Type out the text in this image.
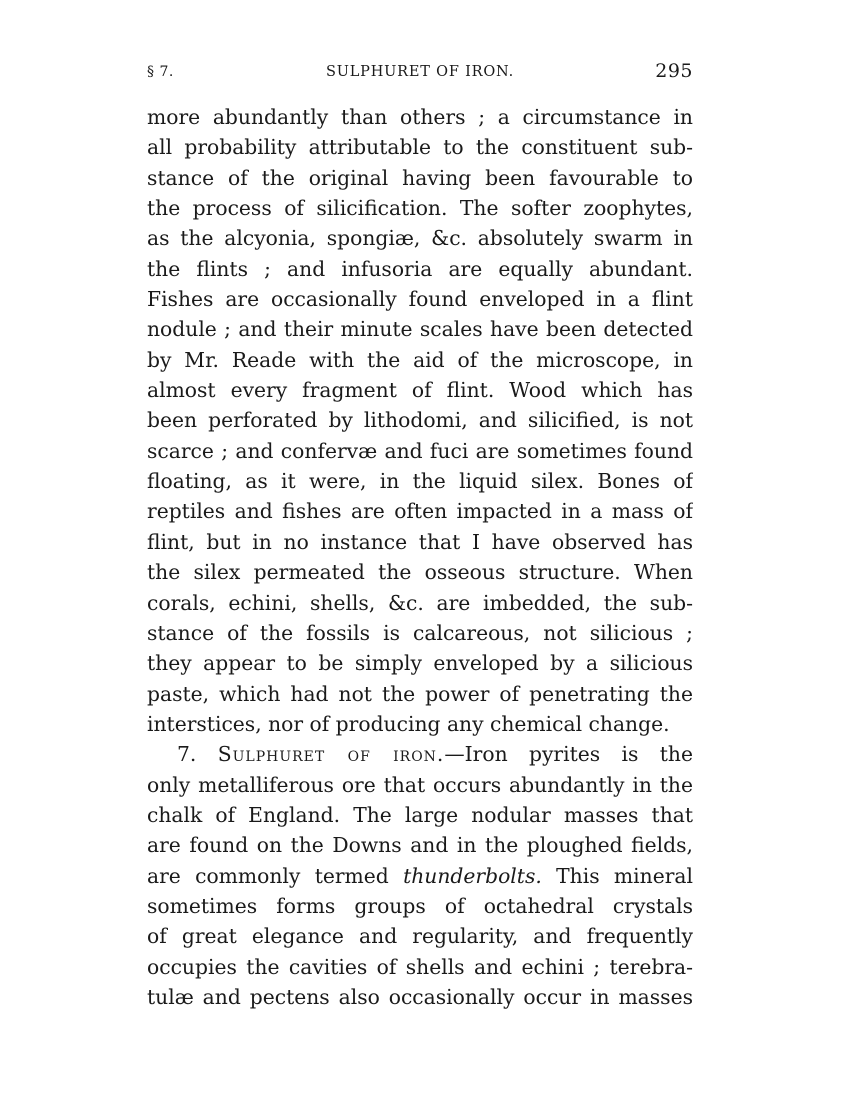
§ 7.	SULPHURET OF IRON.	295
more abundantly than others ; a circumstance in
all probability attributable to the constituent sub-
stance of the original having been favourable to
the process of silicification. The softer zoophytes,
as the alcyonia, spongiæ, &c. absolutely swarm in
the flints ; and infusoria are equally abundant.
Fishes are occasionally found enveloped in a flint
nodule ; and their minute scales have been detected
by Mr. Reade with the aid of the microscope, in
almost every fragment of flint. Wood which has
been perforated by lithodomi, and silicified, is not
scarce ; and confervæ and fuci are sometimes found
floating, as it were, in the liquid silex. Bones of
reptiles and fishes are often impacted in a mass of
flint, but in no instance that I have observed has
the silex permeated the osseous structure. When
corals, echini, shells, &c. are imbedded, the sub-
stance of the fossils is calcareous, not silicious ;
they appear to be simply enveloped by a silicious
paste, which had not the power of penetrating the
interstices, nor of producing any chemical change.
7. Sulphuret of iron.—Iron pyrites is the
only metalliferous ore that occurs abundantly in the
chalk of England. The large nodular masses that
are found on the Downs and in the ploughed fields,
are commonly termed thunderbolts. This mineral
sometimes forms groups of octahedral crystals
of great elegance and regularity, and frequently
occupies the cavities of shells and echini ; terebra-
tulæ and pectens also occasionally occur in masses
